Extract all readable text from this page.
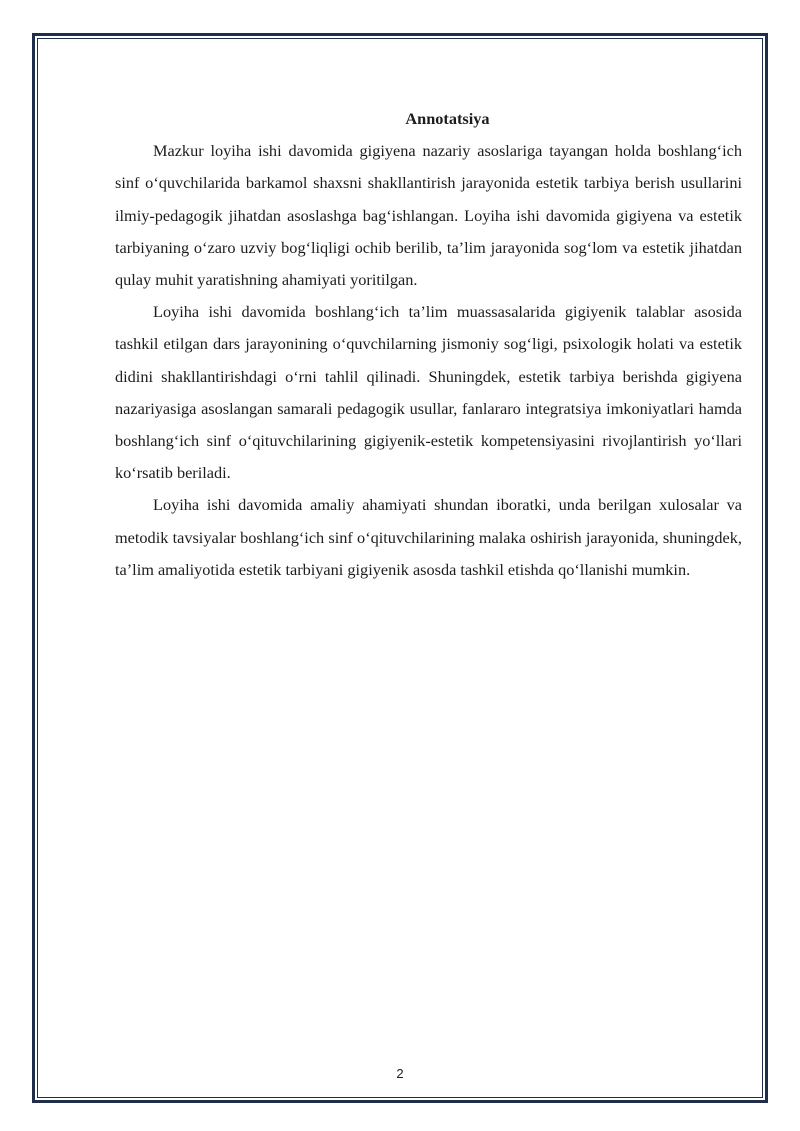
Annotatsiya

Mazkur loyiha ishi davomida gigiyena nazariy asoslariga tayangan holda boshlang‘ich sinf o‘quvchilarida barkamol shaxsni shakllantirish jarayonida estetik tarbiya berish usullarini ilmiy-pedagogik jihatdan asoslashga bag‘ishlangan. Loyiha ishi davomida gigiyena va estetik tarbiyaning o‘zaro uzviy bog‘liqligi ochib berilib, ta’lim jarayonida sog‘lom va estetik jihatdan qulay muhit yaratishning ahamiyati yoritilgan.

Loyiha ishi davomida boshlang‘ich ta’lim muassasalarida gigiyenik talablar asosida tashkil etilgan dars jarayonining o‘quvchilarning jismoniy sog‘ligi, psixologik holati va estetik didini shakllantirishdagi o‘rni tahlil qilinadi. Shuningdek, estetik tarbiya berishda gigiyena nazariyasiga asoslangan samarali pedagogik usullar, fanlararo integratsiya imkoniyatlari hamda boshlang‘ich sinf o‘qituvchilarining gigiyenik-estetik kompetensiyasini rivojlantirish yo‘llari ko‘rsatib beriladi.

Loyiha ishi davomida amaliy ahamiyati shundan iboratki, unda berilgan xulosalar va metodik tavsiyalar boshlang‘ich sinf o‘qituvchilarining malaka oshirish jarayonida, shuningdek, ta’lim amaliyotida estetik tarbiyani gigiyenik asosda tashkil etishda qo‘llanishi mumkin.

2
